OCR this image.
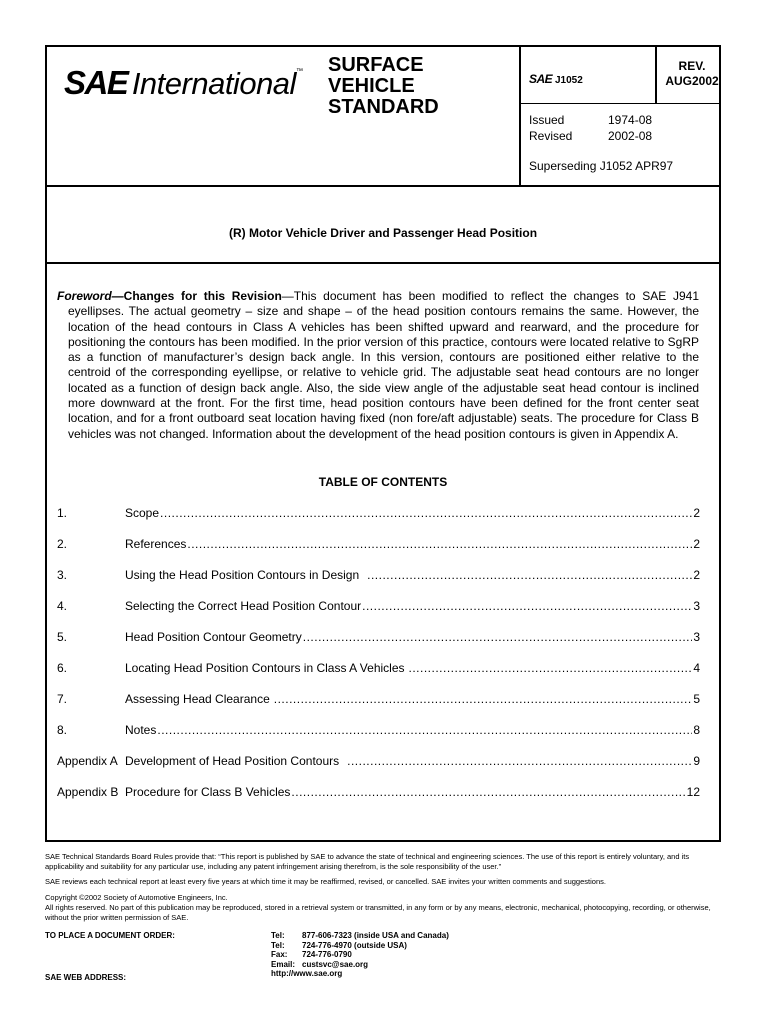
SAE International™ SURFACE
VEHICLE
STANDARD
SAE J1052
REV.
AUG2002
Issued	1974-08
Revised	2002-08
Superseding J1052 APR97
(R) Motor Vehicle Driver and Passenger Head Position

Foreword—Changes for this Revision—This document has been modified to reflect the changes to SAE J941 eyellipses. The actual geometry – size and shape – of the head position contours remains the same. However, the location of the head contours in Class A vehicles has been shifted upward and rearward, and the procedure for positioning the contours has been modified. In the prior version of this practice, contours were located relative to SgRP as a function of manufacturer’s design back angle. In this version, contours are positioned either relative to the centroid of the corresponding eyellipse, or relative to vehicle grid. The adjustable seat head contours are no longer located as a function of design back angle. Also, the side view angle of the adjustable seat head contour is inclined more downward at the front. For the first time, head position contours have been defined for the front center seat location, and for a front outboard seat location having fixed (non fore/aft adjustable) seats. The procedure for Class B vehicles was not changed. Information about the development of the head position contours is given in Appendix A.

TABLE OF CONTENTS
1.	Scope .....	2
2.	References .....	2
3.	Using the Head Position Contours in Design .....	2
4.	Selecting the Correct Head Position Contour .....	3
5.	Head Position Contour Geometry .....	3
6.	Locating Head Position Contours in Class A Vehicles .....	4
7.	Assessing Head Clearance .....	5
8.	Notes .....	8
Appendix A Development of Head Position Contours .....	9
Appendix B Procedure for Class B Vehicles .....	12
SAE Technical Standards Board Rules provide that: “This report is published by SAE to advance the state of technical and engineering sciences. The use of this report is entirely voluntary, and its applicability and suitability for any particular use, including any patent infringement arising therefrom, is the sole responsibility of the user.”
SAE reviews each technical report at least every five years at which time it may be reaffirmed, revised, or cancelled. SAE invites your written comments and suggestions.
Copyright ©2002 Society of Automotive Engineers, Inc.
All rights reserved. No part of this publication may be reproduced, stored in a retrieval system or transmitted, in any form or by any means, electronic, mechanical, photocopying, recording, or otherwise, without the prior written permission of SAE.
TO PLACE A DOCUMENT ORDER:
SAE WEB ADDRESS:
Tel: 877-606-7323 (inside USA and Canada)
Tel: 724-776-4970 (outside USA)
Fax: 724-776-0790
Email: custsvc@sae.org
http://www.sae.org
